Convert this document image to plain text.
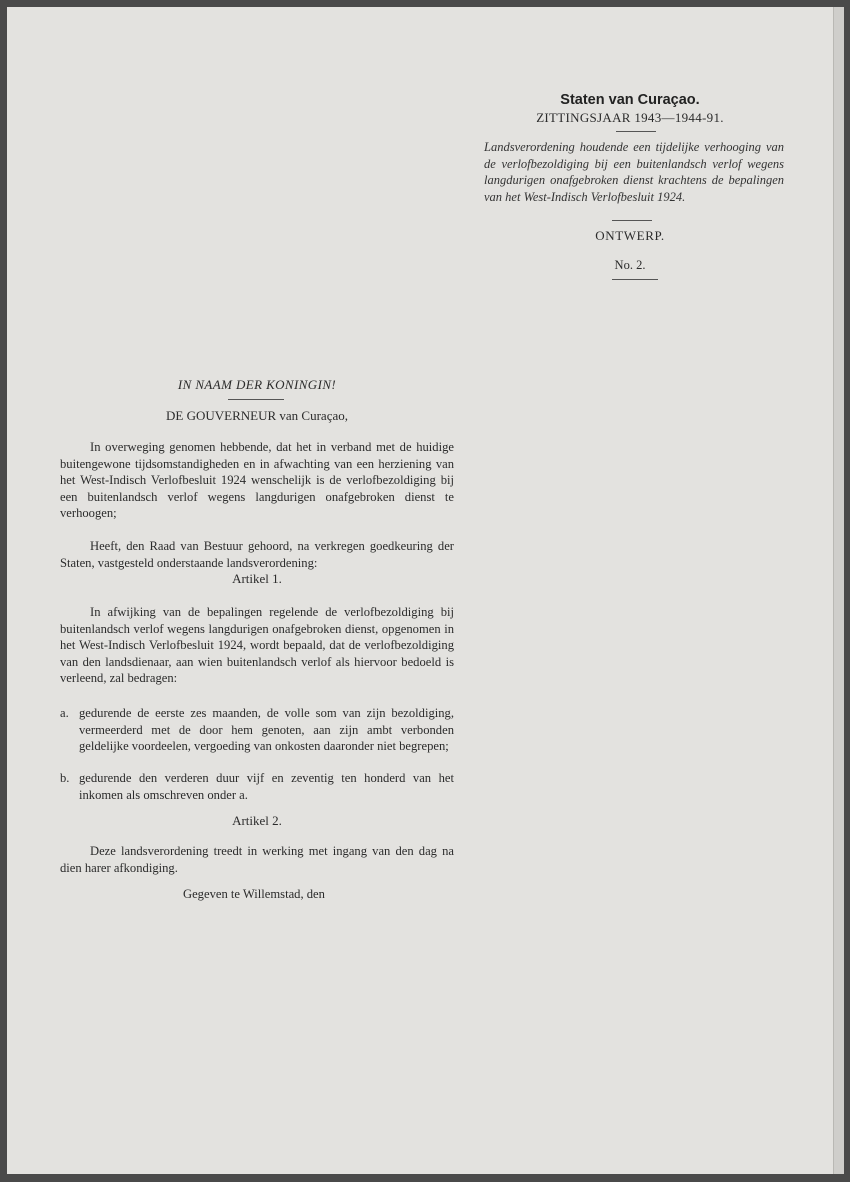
Staten van Curaçao.
ZITTINGSJAAR 1943—1944-91.
Landsverordening houdende een tijdelijke verhooging van de verlofbezoldiging bij een buitenlandsch verlof wegens langdurigen onafgebroken dienst krachtens de bepalingen van het West-Indisch Verlofbesluit 1924.
ONTWERP.
No. 2.
IN NAAM DER KONINGIN!
DE GOUVERNEUR van Curaçao,

In overweging genomen hebbende, dat het in verband met de huidige buitengewone tijdsomstandigheden en in afwachting van een herziening van het West-Indisch Verlofbesluit 1924 wenschelijk is de verlofbezoldiging bij een buitenlandsch verlof wegens langdurigen onafgebroken dienst te verhoogen;

Heeft, den Raad van Bestuur gehoord, na verkregen goedkeuring der Staten, vastgesteld onderstaande landsverordening:

Artikel 1.

In afwijking van de bepalingen regelende de verlofbezoldiging bij buitenlandsch verlof wegens langdurigen onafgebroken dienst, opgenomen in het West-Indisch Verlofbesluit 1924, wordt bepaald, dat de verlofbezoldiging van den landsdienaar, aan wien buitenlandsch verlof als hiervoor bedoeld is verleend, zal bedragen:

a. gedurende de eerste zes maanden, de volle som van zijn bezoldiging, vermeerderd met de door hem genoten, aan zijn ambt verbonden geldelijke voordeelen, vergoeding van onkosten daaronder niet begrepen;
b. gedurende den verderen duur vijf en zeventig ten honderd van het inkomen als omschreven onder a.
Artikel 2.

Deze landsverordening treedt in werking met ingang van den dag na dien harer afkondiging.

Gegeven te Willemstad, den
